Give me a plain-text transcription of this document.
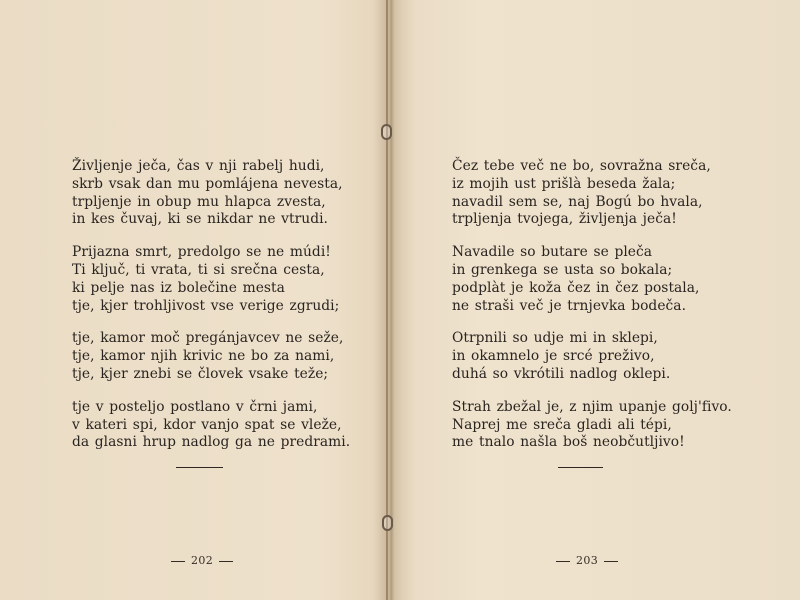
Življenje ječa, čas v nji rabelj hudi,
skrb vsak dan mu pomlájena nevesta,
trpljenje in obup mu hlapca zvesta,
in kes čuvaj, ki se nikdar ne vtrudi.
Prijazna smrt, predolgo se ne múdi!
Ti ključ, ti vrata, ti si srečna cesta,
ki pelje nas iz bolečine mesta
tje, kjer trohljivost vse verige zgrudi;
tje, kamor moč pregánjavcev ne seže,
tje, kamor njih krivic ne bo za nami,
tje, kjer znebi se človek vsake teže;
tje v posteljo postlano v črni jami,
v kateri spi, kdor vanjo spat se vleže,
da glasni hrup nadlog ga ne predrami.
202
Čez tebe več ne bo, sovražna sreča,
iz mojih ust prišlà beseda žala;
navadil sem se, naj Bogú bo hvala,
trpljenja tvojega, življenja ječa!
Navadile so butare se pleča
in grenkega se usta so bokala;
podplàt je koža čez in čez postala,
ne straši več je trnjevka bodeča.
Otrpnili so udje mi in sklepi,
in okamnelo je srcé preživo,
duhá so vkrótili nadlog oklepi.
Strah zbežal je, z njim upanje golj'fivo.
Naprej me sreča gladi ali tépi,
me tnalo našla boš neobčutljivo!
203
